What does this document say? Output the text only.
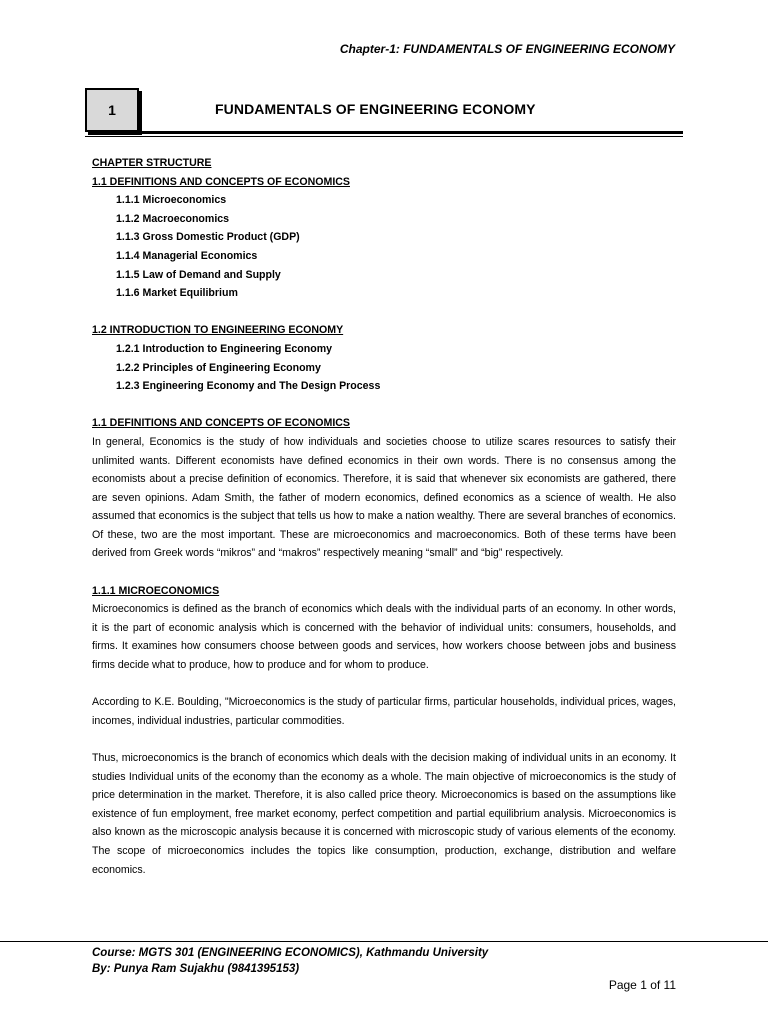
Chapter-1: FUNDAMENTALS OF ENGINEERING ECONOMY
1	FUNDAMENTALS OF ENGINEERING ECONOMY

CHAPTER STRUCTURE

1.1 DEFINITIONS AND CONCEPTS OF ECONOMICS

1.1.1 Microeconomics

1.1.2 Macroeconomics

1.1.3 Gross Domestic Product (GDP)

1.1.4 Managerial Economics

1.1.5 Law of Demand and Supply

1.1.6 Market Equilibrium

1.2 INTRODUCTION TO ENGINEERING ECONOMY

1.2.1 Introduction to Engineering Economy

1.2.2 Principles of Engineering Economy

1.2.3 Engineering Economy and The Design Process

1.1 DEFINITIONS AND CONCEPTS OF ECONOMICS

In general, Economics is the study of how individuals and societies choose to utilize scares resources to satisfy their unlimited wants. Different economists have defined economics in their own words. There is no consensus among the economists about a precise definition of economics. Therefore, it is said that whenever six economists are gathered, there are seven opinions. Adam Smith, the father of modern economics, defined economics as a science of wealth. He also assumed that economics is the subject that tells us how to make a nation wealthy. There are several branches of economics. Of these, two are the most important. These are microeconomics and macroeconomics. Both of these terms have been derived from Greek words “mikros” and “makros” respectively meaning “small” and “big” respectively.

1.1.1 MICROECONOMICS

Microeconomics is defined as the branch of economics which deals with the individual parts of an economy. In other words, it is the part of economic analysis which is concerned with the behavior of individual units: consumers, households, and firms. It examines how consumers choose between goods and services, how workers choose between jobs and business firms decide what to produce, how to produce and for whom to produce.

According to K.E. Boulding, "Microeconomics is the study of particular firms, particular households, individual prices, wages, incomes, individual industries, particular commodities.

Thus, microeconomics is the branch of economics which deals with the decision making of individual units in an economy. It studies Individual units of the economy than the economy as a whole. The main objective of microeconomics is the study of price determination in the market. Therefore, it is also called price theory. Microeconomics is based on the assumptions like existence of fun employment, free market economy, perfect competition and partial equilibrium analysis. Microeconomics is also known as the microscopic analysis because it is concerned with microscopic study of various elements of the economy. The scope of microeconomics includes the topics like consumption, production, exchange, distribution and welfare economics.

Course: MGTS 301 (ENGINEERING ECONOMICS), Kathmandu University
By: Punya Ram Sujakhu (9841395153)
Page 1 of 11
